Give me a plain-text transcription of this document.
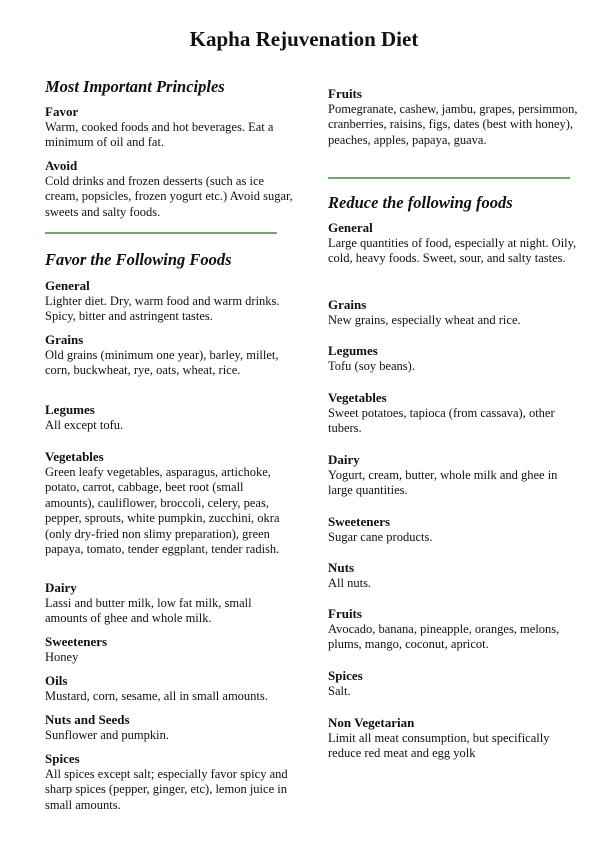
Kapha Rejuvenation Diet
Most Important Principles
Favor
Warm, cooked foods and hot beverages. Eat a minimum of oil and fat.
Avoid
Cold drinks and frozen desserts (such as ice cream, popsicles, frozen yogurt etc.) Avoid sugar, sweets and salty foods.
Favor the Following Foods
General
Lighter diet. Dry, warm food and warm drinks. Spicy, bitter and astringent tastes.
Grains
Old grains (minimum one year), barley, millet, corn, buckwheat, rye, oats, wheat, rice.
Legumes
All except tofu.
Vegetables
Green leafy vegetables, asparagus, artichoke, potato, carrot, cabbage, beet root (small amounts), cauliflower, broccoli, celery, peas, pepper, sprouts, white pumpkin, zucchini, okra (only dry-fried non slimy preparation), green papaya, tomato, tender eggplant, tender radish.
Dairy
Lassi and butter milk, low fat milk, small amounts of ghee and whole milk.
Sweeteners
Honey
Oils
Mustard, corn, sesame, all in small amounts.
Nuts and Seeds
Sunflower and pumpkin.
Spices
All spices except salt; especially favor spicy and sharp spices (pepper, ginger, etc), lemon juice in small amounts.
Fruits
Pomegranate, cashew, jambu, grapes, persimmon, cranberries, raisins, figs, dates (best with honey), peaches, apples, papaya, guava.
Reduce the following foods
General
Large quantities of food, especially at night. Oily, cold, heavy foods. Sweet, sour, and salty tastes.
Grains
New grains, especially wheat and rice.
Legumes
Tofu (soy beans).
Vegetables
Sweet potatoes, tapioca (from cassava), other tubers.
Dairy
Yogurt, cream, butter, whole milk and ghee in large quantities.
Sweeteners
Sugar cane products.
Nuts
All nuts.
Fruits
Avocado, banana, pineapple, oranges, melons, plums, mango, coconut, apricot.
Spices
Salt.
Non Vegetarian
Limit all meat consumption, but specifically reduce red meat and egg yolk
